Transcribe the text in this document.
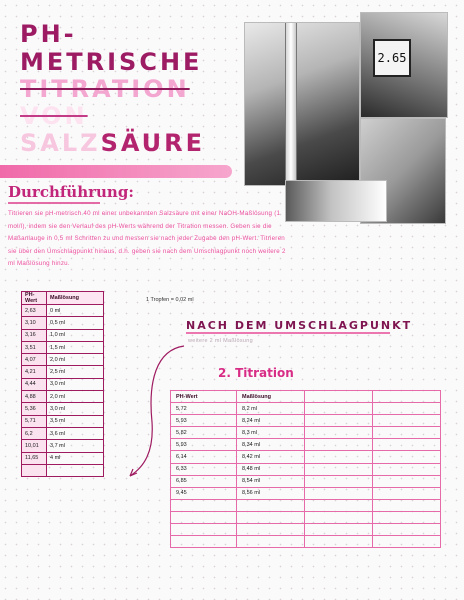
PH-
METRISCHE
TITRATION
VON
SALZSÄURE
2.65
Durchführung:
Titrieren sie pH-metrisch 40 ml einer unbekannten Salzsäure mit einer NaOH-Maßlösung (1 mol/l), indem sie den Verlauf des pH-Werts während der Titration messen. Geben sie die Maßanlauge in 0,5 ml Schritten zu und messen sie nach jeder Zugabe den pH-Wert. Titrieren sie über den Umschlagpunkt hinaus, d.h. geben sie nach dem Umschlagpunkt noch weitere 2 ml Maßlösung hinzu.
PH-Wert	Maßlösung
2,63	0 ml
3,10	0,5 ml
3,16	1,0 ml
3,51	1,5 ml
4,07	2,0 ml
4,21	2,5 ml
4,44	3,0 ml
4,88	2,0 ml
5,36	3,0 ml
5,71	3,5 ml
6,2	3,6 ml
10,01	3,7 ml
11,65	4 ml

1 Tropfen = 0,02 ml
NACH DEM UMSCHLAGPUNKT
weitere 2 ml Maßlösung
2. Titration
PH-Wert	Maßlösung		
5,72	8,2 ml		
5,93	8,24 ml		
5,82	8,3 ml		
5,93	8,34 ml		
6,14	8,42 ml		
6,33	8,48 ml		
6,85	8,54 ml		
9,45	8,56 ml		
